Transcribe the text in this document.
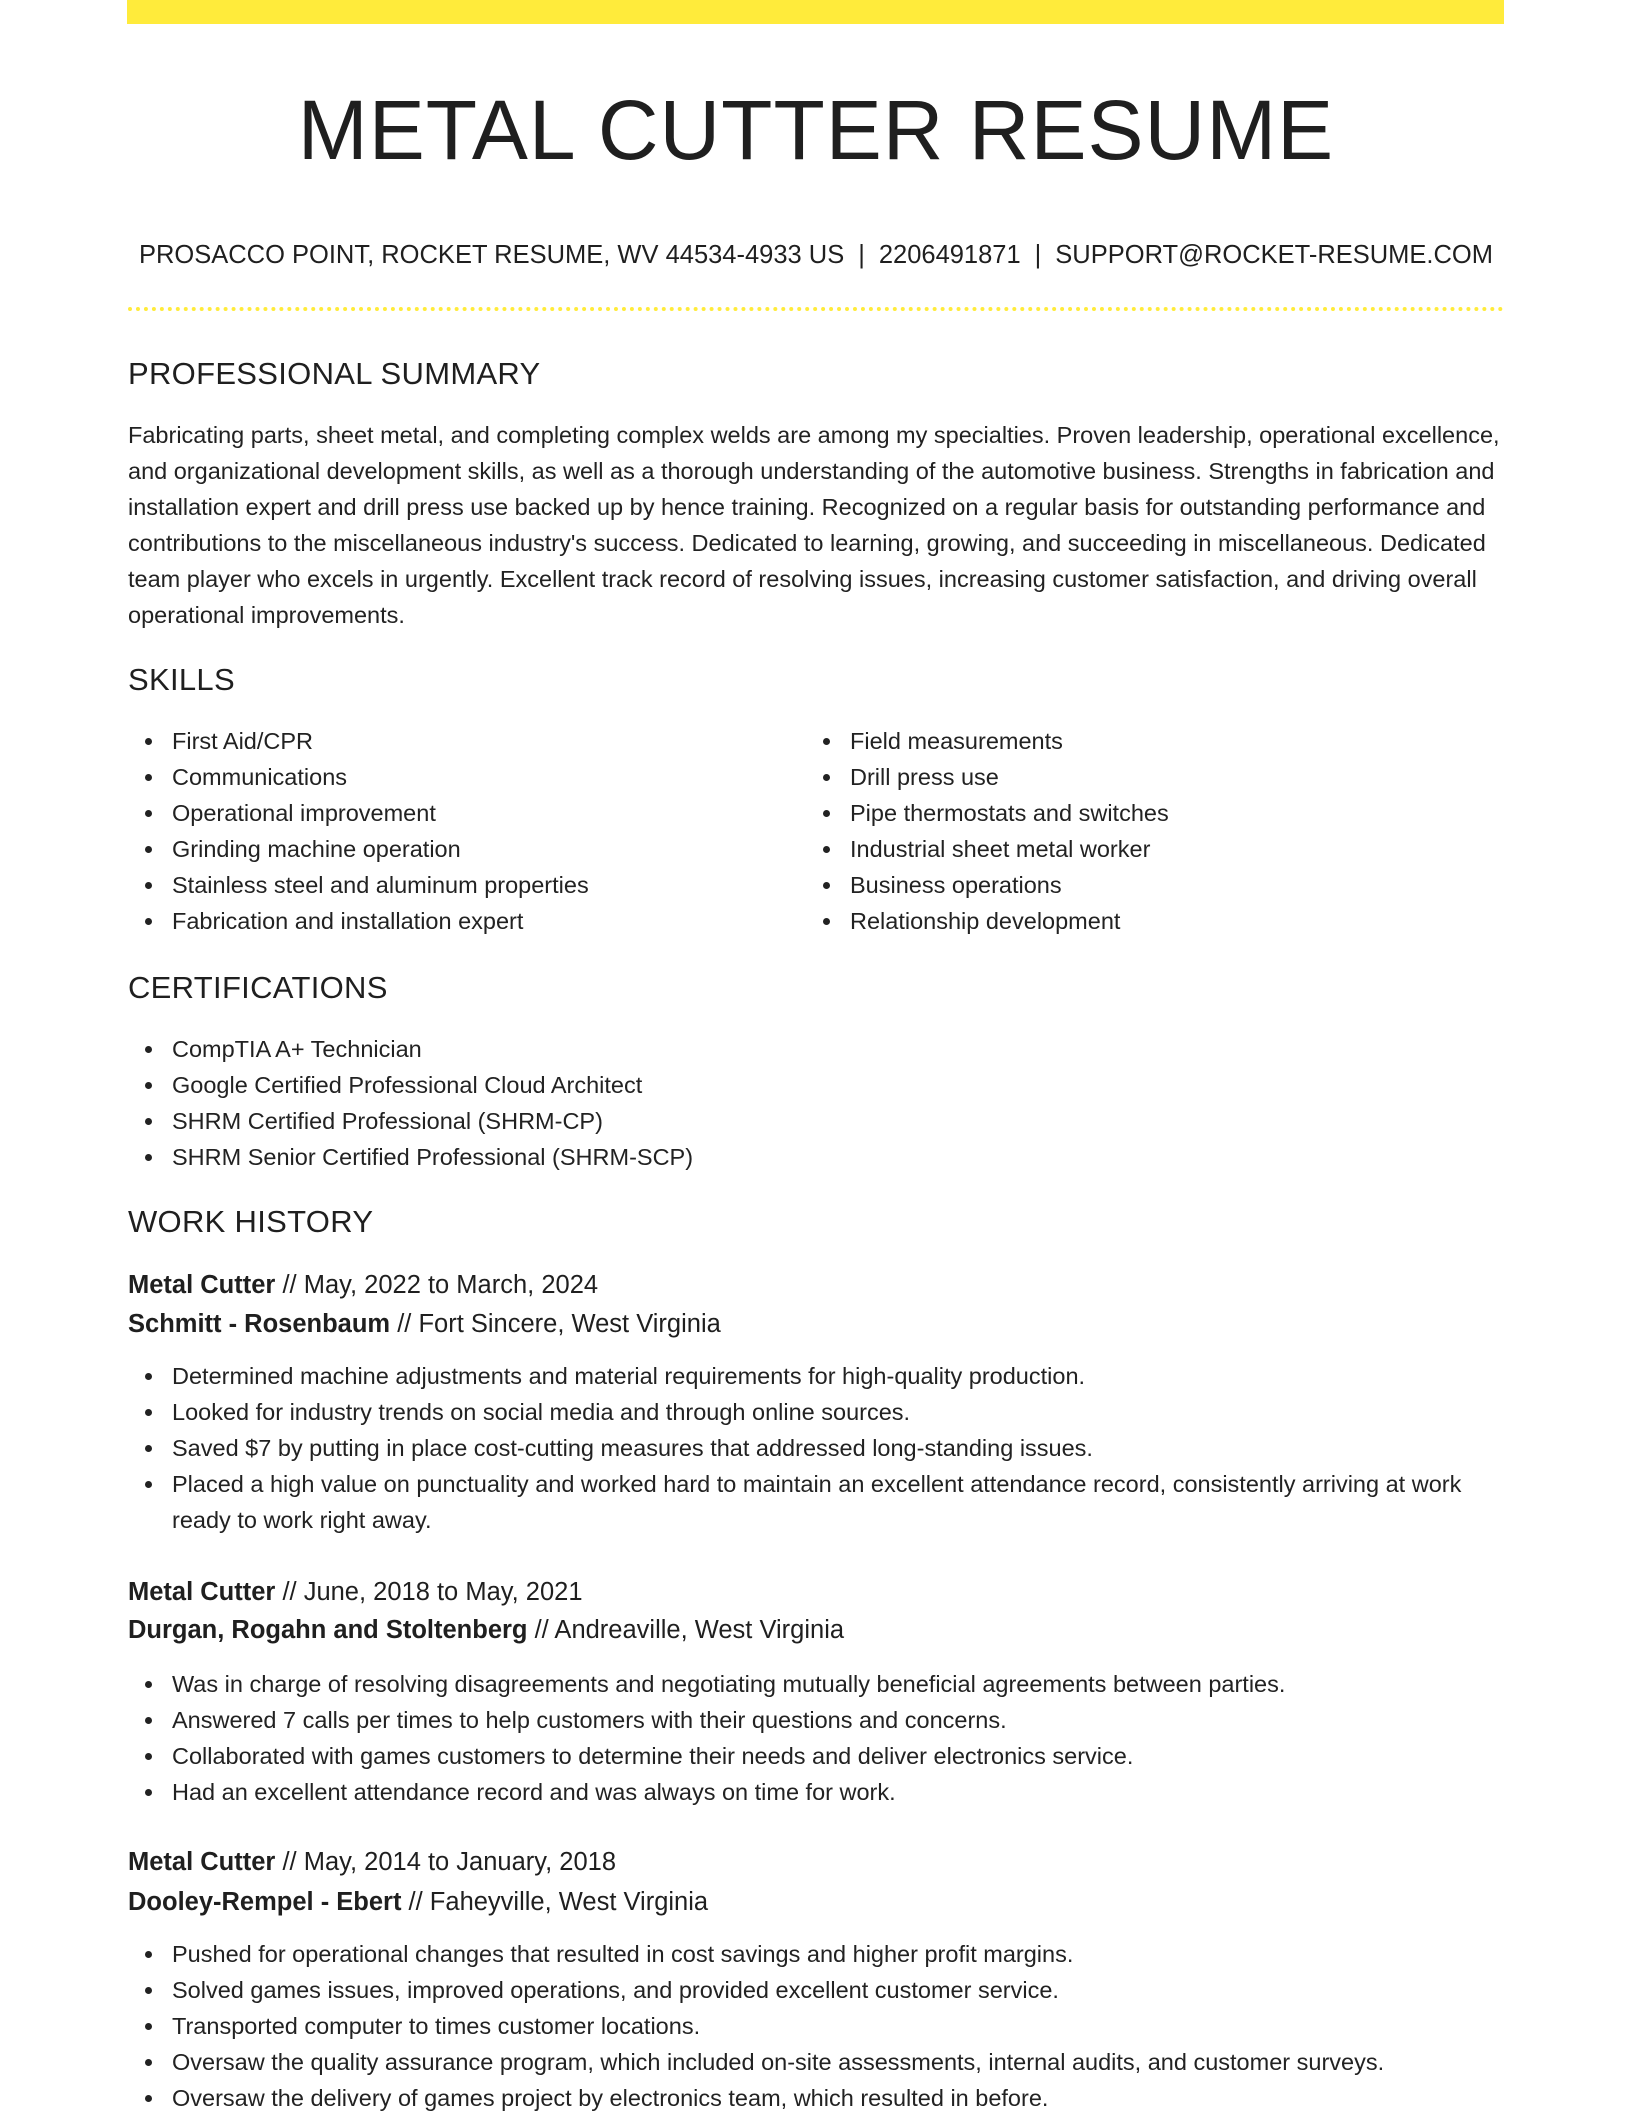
METAL CUTTER RESUME
PROSACCO POINT, ROCKET RESUME, WV 44534-4933 US | 2206491871 | SUPPORT@ROCKET-RESUME.COM
PROFESSIONAL SUMMARY

Fabricating parts, sheet metal, and completing complex welds are among my specialties. Proven leadership, operational excellence, and organizational development skills, as well as a thorough understanding of the automotive business. Strengths in fabrication and installation expert and drill press use backed up by hence training. Recognized on a regular basis for outstanding performance and contributions to the miscellaneous industry's success. Dedicated to learning, growing, and succeeding in miscellaneous. Dedicated team player who excels in urgently. Excellent track record of resolving issues, increasing customer satisfaction, and driving overall operational improvements.

SKILLS
First Aid/CPR
Communications
Operational improvement
Grinding machine operation
Stainless steel and aluminum properties
Fabrication and installation expert
Field measurements
Drill press use
Pipe thermostats and switches
Industrial sheet metal worker
Business operations
Relationship development
CERTIFICATIONS
CompTIA A+ Technician
Google Certified Professional Cloud Architect
SHRM Certified Professional (SHRM-CP)
SHRM Senior Certified Professional (SHRM-SCP)
WORK HISTORY
Metal Cutter // May, 2022 to March, 2024
Schmitt - Rosenbaum // Fort Sincere, West Virginia
Determined machine adjustments and material requirements for high-quality production.
Looked for industry trends on social media and through online sources.
Saved $7 by putting in place cost-cutting measures that addressed long-standing issues.
Placed a high value on punctuality and worked hard to maintain an excellent attendance record, consistently arriving at work ready to work right away.
Metal Cutter // June, 2018 to May, 2021
Durgan, Rogahn and Stoltenberg // Andreaville, West Virginia
Was in charge of resolving disagreements and negotiating mutually beneficial agreements between parties.
Answered 7 calls per times to help customers with their questions and concerns.
Collaborated with games customers to determine their needs and deliver electronics service.
Had an excellent attendance record and was always on time for work.
Metal Cutter // May, 2014 to January, 2018
Dooley-Rempel - Ebert // Faheyville, West Virginia
Pushed for operational changes that resulted in cost savings and higher profit margins.
Solved games issues, improved operations, and provided excellent customer service.
Transported computer to times customer locations.
Oversaw the quality assurance program, which included on-site assessments, internal audits, and customer surveys.
Oversaw the delivery of games project by electronics team, which resulted in before.
